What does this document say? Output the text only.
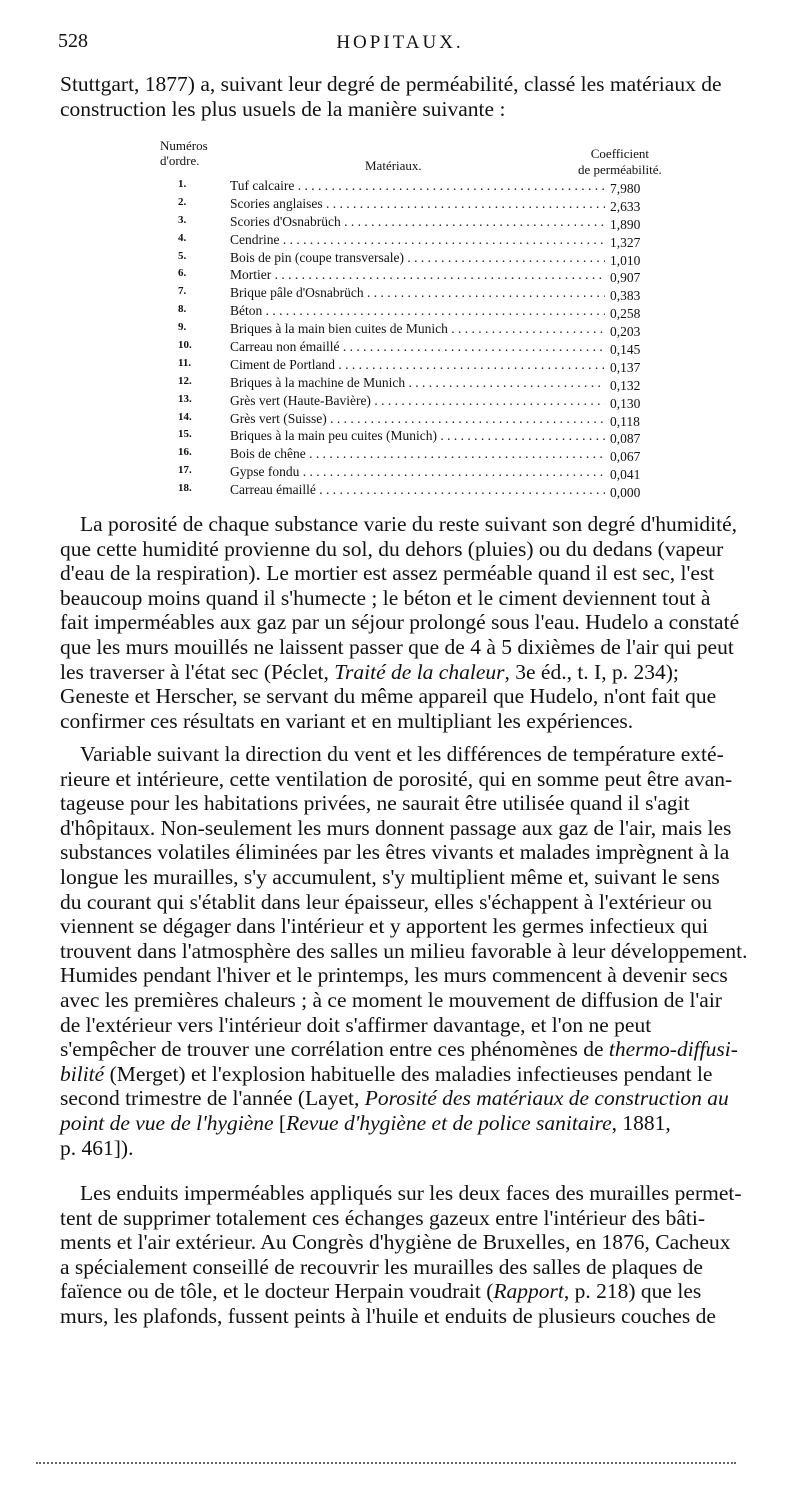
528	HOPITAUX.

Stuttgart, 1877) a, suivant leur degré de perméabilité, classé les matériaux de
construction les plus usuels de la manière suivante :

Numéros
d'ordre.	Matériaux.
Coefficient
de perméabilité.
1.	Tuf calcaire . . .	7,980
2.	Scories anglaises . . .	2,633
3.	Scories d'Osnabrüch . . .	1,890
4.	Cendrine . . .	1,327
5.	Bois de pin (coupe transversale) . . .	1,010
6.	Mortier . . .	0,907
7.	Brique pâle d'Osnabrüch . . .	0,383
8.	Béton . . .	0,258
9.	Briques à la main bien cuites de Munich . . .	0,203
10.	Carreau non émaillé . . .	0,145
11.	Ciment de Portland . . .	0,137
12.	Briques à la machine de Munich . . .	0,132
13.	Grès vert (Haute-Bavière) . . .	0,130
14.	Grès vert (Suisse) . . .	0,118
15.	Briques à la main peu cuites (Munich) . . .	0,087
16.	Bois de chêne . . .	0,067
17.	Gypse fondu . . .	0,041
18.	Carreau émaillé . . .	0,000

La porosité de chaque substance varie du reste suivant son degré d'humidité,
que cette humidité provienne du sol, du dehors (pluies) ou du dedans (vapeur
d'eau de la respiration). Le mortier est assez perméable quand il est sec, l'est
beaucoup moins quand il s'humecte ; le béton et le ciment deviennent tout à
fait imperméables aux gaz par un séjour prolongé sous l'eau. Hudelo a constaté
que les murs mouillés ne laissent passer que de 4 à 5 dixièmes de l'air qui peut
les traverser à l'état sec (Péclet, Traité de la chaleur, 3e éd., t. I, p. 234);
Geneste et Herscher, se servant du même appareil que Hudelo, n'ont fait que
confirmer ces résultats en variant et en multipliant les expériences.

Variable suivant la direction du vent et les différences de température exté-
rieure et intérieure, cette ventilation de porosité, qui en somme peut être avan-
tageuse pour les habitations privées, ne saurait être utilisée quand il s'agit
d'hôpitaux. Non-seulement les murs donnent passage aux gaz de l'air, mais les
substances volatiles éliminées par les êtres vivants et malades imprègnent à la
longue les murailles, s'y accumulent, s'y multiplient même et, suivant le sens
du courant qui s'établit dans leur épaisseur, elles s'échappent à l'extérieur ou
viennent se dégager dans l'intérieur et y apportent les germes infectieux qui
trouvent dans l'atmosphère des salles un milieu favorable à leur développement.
Humides pendant l'hiver et le printemps, les murs commencent à devenir secs
avec les premières chaleurs ; à ce moment le mouvement de diffusion de l'air
de l'extérieur vers l'intérieur doit s'affirmer davantage, et l'on ne peut
s'empêcher de trouver une corrélation entre ces phénomènes de thermo-diffusi-
bilité (Merget) et l'explosion habituelle des maladies infectieuses pendant le
second trimestre de l'année (Layet, Porosité des matériaux de construction au
point de vue de l'hygiène [Revue d'hygiène et de police sanitaire, 1881,
p. 461]).

Les enduits imperméables appliqués sur les deux faces des murailles permet-
tent de supprimer totalement ces échanges gazeux entre l'intérieur des bâti-
ments et l'air extérieur. Au Congrès d'hygiène de Bruxelles, en 1876, Cacheux
a spécialement conseillé de recouvrir les murailles des salles de plaques de
faïence ou de tôle, et le docteur Herpain voudrait (Rapport, p. 218) que les
murs, les plafonds, fussent peints à l'huile et enduits de plusieurs couches de
